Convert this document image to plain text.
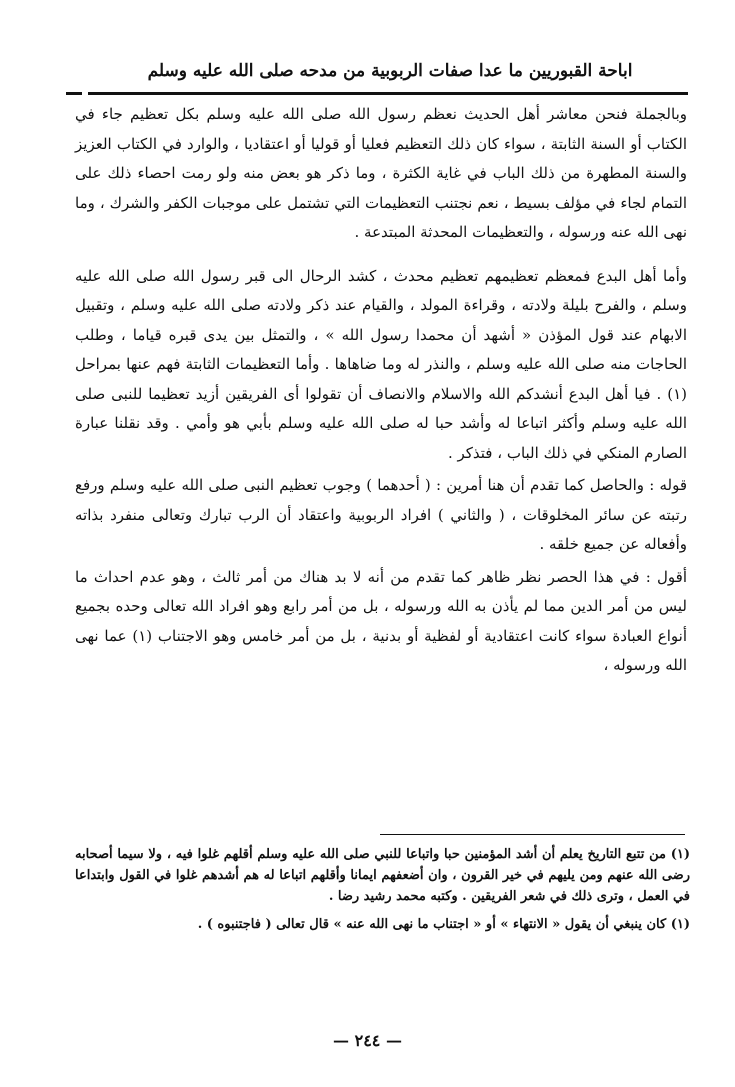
اباحة القبوريين ما عدا صفات الربوبية من مدحه صلى الله عليه وسلم

وبالجملة فنحن معاشر أهل الحديث نعظم رسول الله صلى الله عليه وسلم بكل تعظيم جاء في الكتاب أو السنة الثابتة ، سواء كان ذلك التعظيم فعليا أو قوليا أو اعتقاديا ، والوارد في الكتاب العزيز والسنة المطهرة من ذلك الباب في غاية الكثرة ، وما ذكر هو بعض منه ولو رمت احصاء ذلك على التمام لجاء في مؤلف بسيط ، نعم نجتنب التعظيمات التي تشتمل على موجبات الكفر والشرك ، وما نهى الله عنه ورسوله ، والتعظيمات المحدثة المبتدعة .

وأما أهل البدع فمعظم تعظيمهم تعظيم محدث ، كشد الرحال الى قبر رسول الله صلى الله عليه وسلم ، والفرح بليلة ولادته ، وقراءة المولد ، والقيام عند ذكر ولادته صلى الله عليه وسلم ، وتقبيل الابهام عند قول المؤذن « أشهد أن محمدا رسول الله » ، والتمثل بين يدى قبره قياما ، وطلب الحاجات منه صلى الله عليه وسلم ، والنذر له وما ضاهاها . وأما التعظيمات الثابتة فهم عنها بمراحل (١) . فيا أهل البدع أنشدكم الله والاسلام والانصاف أن تقولوا أى الفريقين أزيد تعظيما للنبى صلى الله عليه وسلم وأكثر اتباعا له وأشد حبا له صلى الله عليه وسلم بأبي هو وأمي . وقد نقلنا عبارة الصارم المنكي في ذلك الباب ، فتذكر .

قوله : والحاصل كما تقدم أن هنا أمرين : ( أحدهما ) وجوب تعظيم النبى صلى الله عليه وسلم ورفع رتبته عن سائر المخلوقات ، ( والثاني ) افراد الربوبية واعتقاد أن الرب تبارك وتعالى منفرد بذاته وأفعاله عن جميع خلقه .

أقول : في هذا الحصر نظر ظاهر كما تقدم من أنه لا بد هناك من أمر ثالث ، وهو عدم احداث ما ليس من أمر الدين مما لم يأذن به الله ورسوله ، بل من أمر رابع وهو افراد الله تعالى وحده بجميع أنواع العبادة سواء كانت اعتقادية أو لفظية أو بدنية ، بل من أمر خامس وهو الاجتناب (١) عما نهى الله ورسوله ،

(١) من تتبع التاريخ يعلم أن أشد المؤمنين حبا واتباعا للنبي صلى الله عليه وسلم أقلهم غلوا فيه ، ولا سيما أصحابه رضى الله عنهم ومن يليهم في خير القرون ، وان أضعفهم ايمانا وأقلهم اتباعا له هم أشدهم غلوا في القول وابتداعا في العمل ، وترى ذلك في شعر الفريقين . وكتبه محمد رشيد رضا .

(١) كان ينبغي أن يقول « الانتهاء » أو « اجتناب ما نهى الله عنه » قال تعالى ( فاجتنبوه ) .

— ٢٤٤ —
